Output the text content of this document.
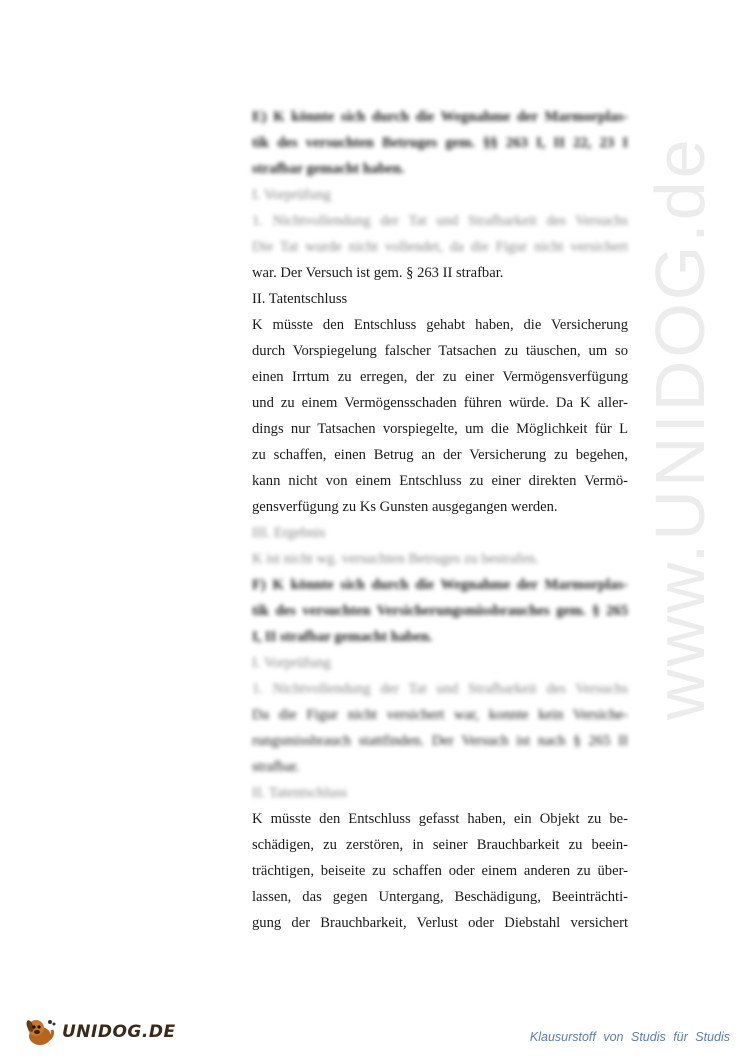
www.UNIDOG.de
E) K könnte sich durch die Wegnahme der Marmorplas-
tik des versuchten Betruges gem. §§ 263 I, II 22, 23 I
strafbar gemacht haben.
I. Vorprüfung
1. Nichtvollendung der Tat und Strafbarkeit des Versuchs
Die Tat wurde nicht vollendet, da die Figur nicht versichert
war. Der Versuch ist gem. § 263 II strafbar.
II. Tatentschluss
K müsste den Entschluss gehabt haben, die Versicherung
durch Vorspiegelung falscher Tatsachen zu täuschen, um so
einen Irrtum zu erregen, der zu einer Vermögensverfügung
und zu einem Vermögensschaden führen würde. Da K aller-
dings nur Tatsachen vorspiegelte, um die Möglichkeit für L
zu schaffen, einen Betrug an der Versicherung zu begehen,
kann nicht von einem Entschluss zu einer direkten Vermö-
gensverfügung zu Ks Gunsten ausgegangen werden.
III. Ergebnis
K ist nicht wg. versuchten Betruges zu bestrafen.
F) K könnte sich durch die Wegnahme der Marmorplas-
tik des versuchten Versicherungsmissbrauches gem. § 265
I, II strafbar gemacht haben.
I. Vorprüfung
1. Nichtvollendung der Tat und Strafbarkeit des Versuchs
Da die Figur nicht versichert war, konnte kein Versiche-
rungsmissbrauch stattfinden. Der Versuch ist nach § 265 II
strafbar.
II. Tatentschluss
K müsste den Entschluss gefasst haben, ein Objekt zu be-
schädigen, zu zerstören, in seiner Brauchbarkeit zu beein-
trächtigen, beiseite zu schaffen oder einem anderen zu über-
lassen, das gegen Untergang, Beschädigung, Beeinträchti-
gung der Brauchbarkeit, Verlust oder Diebstahl versichert
UNIDOG.DE	Klausurstoff von Studis für Studis
